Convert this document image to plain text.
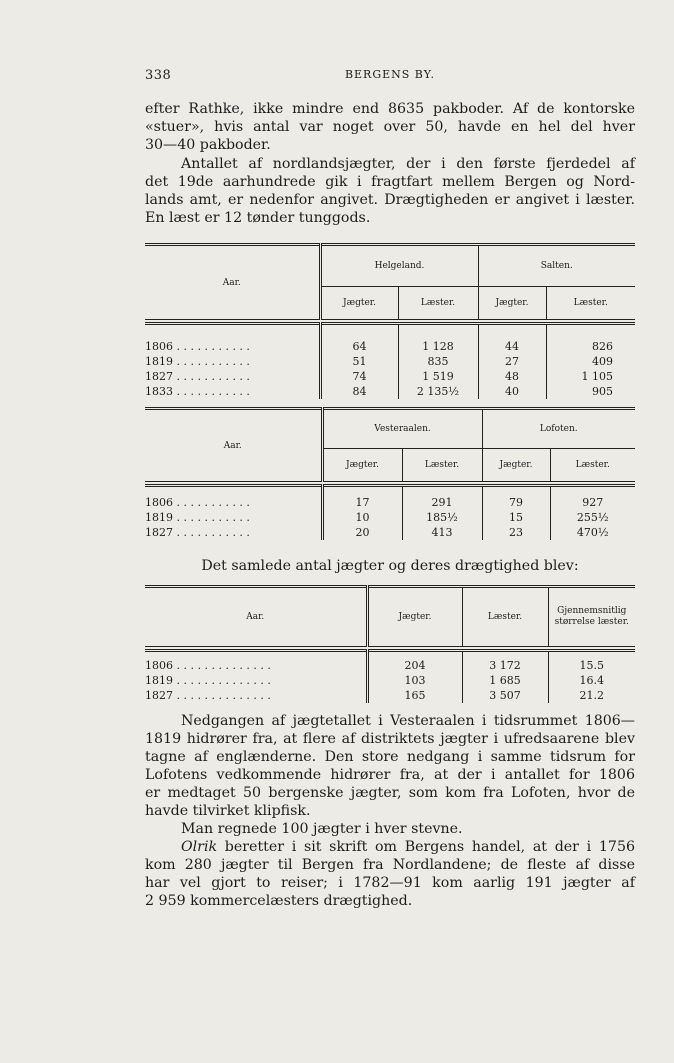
338	BERGENS BY.

efter Rathke, ikke mindre end 8635 pakboder. Af de kontorske

«stuer», hvis antal var noget over 50, havde en hel del hver

30—40 pakboder.

Antallet af nordlandsjægter, der i den første fjerdedel af

det 19de aarhundrede gik i fragtfart mellem Bergen og Nord-

lands amt, er nedenfor angivet. Drægtigheden er angivet i læster.

En læst er 12 tønder tunggods.

Aar.	Helgeland.		Salten.	
	Jægter.	Læster.	Jægter.	Læster.

1806 . . . . . . . . . . .	64	1 128	44	826
1819 . . . . . . . . . . .	51	835	27	409
1827 . . . . . . . . . . .	74	1 519	48	1 105
1833 . . . . . . . . . . .	84	2 135½	40	905
Aar.	Vesteraalen.		Lofoten.	
	Jægter.	Læster.	Jægter.	Læster.

1806 . . . . . . . . . . .	17	291	79	927
1819 . . . . . . . . . . .	10	185½	15	255½
1827 . . . . . . . . . . .	20	413	23	470½
Det samlede antal jægter og deres drægtighed blev:
Aar.	Jægter.	Læster.	Gjennemsnitlig størrelse læster.

1806 . . . . . . . . . . . . . .	204	3 172	15.5
1819 . . . . . . . . . . . . . .	103	1 685	16.4
1827 . . . . . . . . . . . . . .	165	3 507	21.2

Nedgangen af jægtetallet i Vesteraalen i tidsrummet 1806—

1819 hidrører fra, at flere af distriktets jægter i ufredsaarene blev

tagne af englænderne. Den store nedgang i samme tidsrum for

Lofotens vedkommende hidrører fra, at der i antallet for 1806

er medtaget 50 bergenske jægter, som kom fra Lofoten, hvor de

havde tilvirket klipfisk.

Man regnede 100 jægter i hver stevne.

Olrik beretter i sit skrift om Bergens handel, at der i 1756

kom 280 jægter til Bergen fra Nordlandene; de fleste af disse

har vel gjort to reiser; i 1782—91 kom aarlig 191 jægter af

2 959 kommercelæsters drægtighed.
